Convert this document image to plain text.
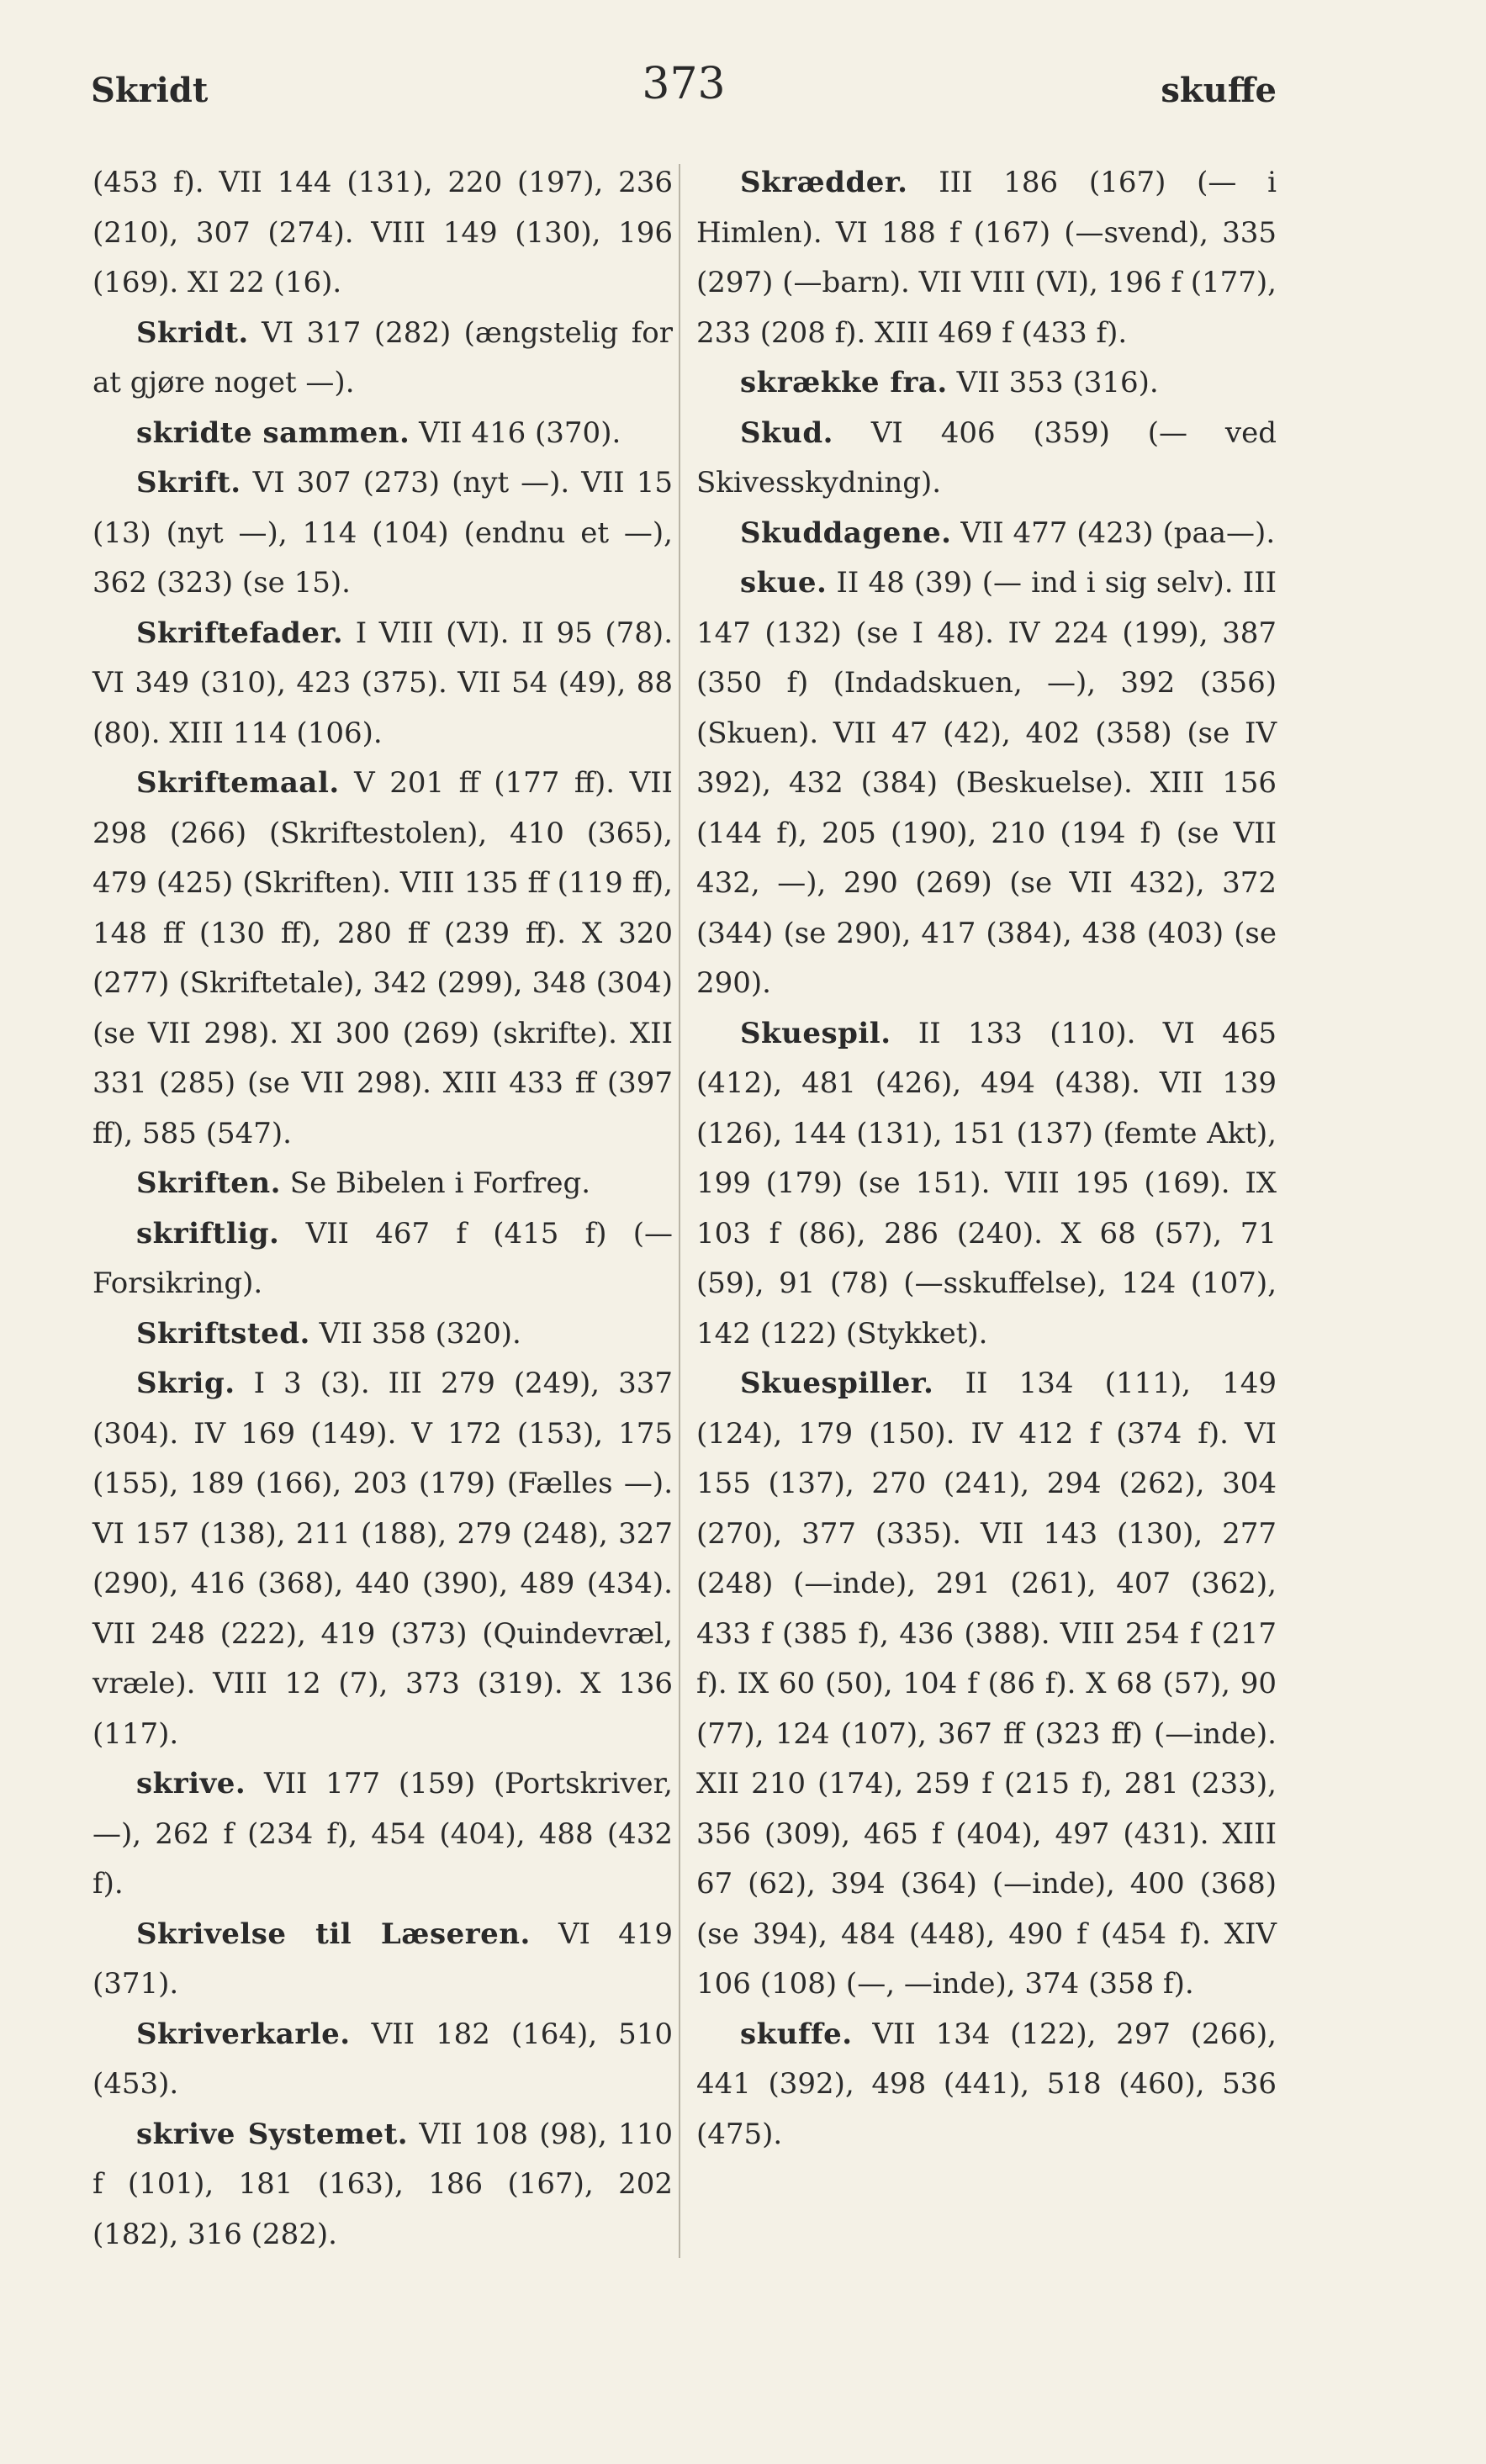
Skridt	373	skuffe
(453 f). VII 144 (131), 220 (197), 236 (210), 307 (274). VIII 149 (130), 196 (169). XI 22 (16).
Skridt. VI 317 (282) (ængstelig for at gjøre noget —).
skridte sammen. VII 416 (370).
Skrift. VI 307 (273) (nyt —). VII 15 (13) (nyt —), 114 (104) (endnu et —), 362 (323) (se 15).
Skriftefader. I VIII (VI). II 95 (78). VI 349 (310), 423 (375). VII 54 (49), 88 (80). XIII 114 (106).
Skriftemaal. V 201 ff (177 ff). VII 298 (266) (Skriftestolen), 410 (365), 479 (425) (Skriften). VIII 135 ff (119 ff), 148 ff (130 ff), 280 ff (239 ff). X 320 (277) (Skriftetale), 342 (299), 348 (304) (se VII 298). XI 300 (269) (skrifte). XII 331 (285) (se VII 298). XIII 433 ff (397 ff), 585 (547).
Skriften. Se Bibelen i Forfreg.
skriftlig. VII 467 f (415 f) (— Forsikring).
Skriftsted. VII 358 (320).
Skrig. I 3 (3). III 279 (249), 337 (304). IV 169 (149). V 172 (153), 175 (155), 189 (166), 203 (179) (Fælles —). VI 157 (138), 211 (188), 279 (248), 327 (290), 416 (368), 440 (390), 489 (434). VII 248 (222), 419 (373) (Quindevræl, vræle). VIII 12 (7), 373 (319). X 136 (117).
skrive. VII 177 (159) (Portskriver, —), 262 f (234 f), 454 (404), 488 (432 f).
Skrivelse til Læseren. VI 419 (371).
Skriverkarle. VII 182 (164), 510 (453).
skrive Systemet. VII 108 (98), 110 f (101), 181 (163), 186 (167), 202 (182), 316 (282).
Skrædder. III 186 (167) (— i Himlen). VI 188 f (167) (—svend), 335 (297) (—barn). VII VIII (VI), 196 f (177), 233 (208 f). XIII 469 f (433 f).
skrække fra. VII 353 (316).
Skud. VI 406 (359) (— ved Skivesskydning).
Skuddagene. VII 477 (423) (paa—).
skue. II 48 (39) (— ind i sig selv). III 147 (132) (se I 48). IV 224 (199), 387 (350 f) (Indadskuen, —), 392 (356) (Skuen). VII 47 (42), 402 (358) (se IV 392), 432 (384) (Beskuelse). XIII 156 (144 f), 205 (190), 210 (194 f) (se VII 432, —), 290 (269) (se VII 432), 372 (344) (se 290), 417 (384), 438 (403) (se 290).
Skuespil. II 133 (110). VI 465 (412), 481 (426), 494 (438). VII 139 (126), 144 (131), 151 (137) (femte Akt), 199 (179) (se 151). VIII 195 (169). IX 103 f (86), 286 (240). X 68 (57), 71 (59), 91 (78) (—sskuffelse), 124 (107), 142 (122) (Stykket).
Skuespiller. II 134 (111), 149 (124), 179 (150). IV 412 f (374 f). VI 155 (137), 270 (241), 294 (262), 304 (270), 377 (335). VII 143 (130), 277 (248) (—inde), 291 (261), 407 (362), 433 f (385 f), 436 (388). VIII 254 f (217 f). IX 60 (50), 104 f (86 f). X 68 (57), 90 (77), 124 (107), 367 ff (323 ff) (—inde). XII 210 (174), 259 f (215 f), 281 (233), 356 (309), 465 f (404), 497 (431). XIII 67 (62), 394 (364) (—inde), 400 (368) (se 394), 484 (448), 490 f (454 f). XIV 106 (108) (—, —inde), 374 (358 f).
skuffe. VII 134 (122), 297 (266), 441 (392), 498 (441), 518 (460), 536 (475).
